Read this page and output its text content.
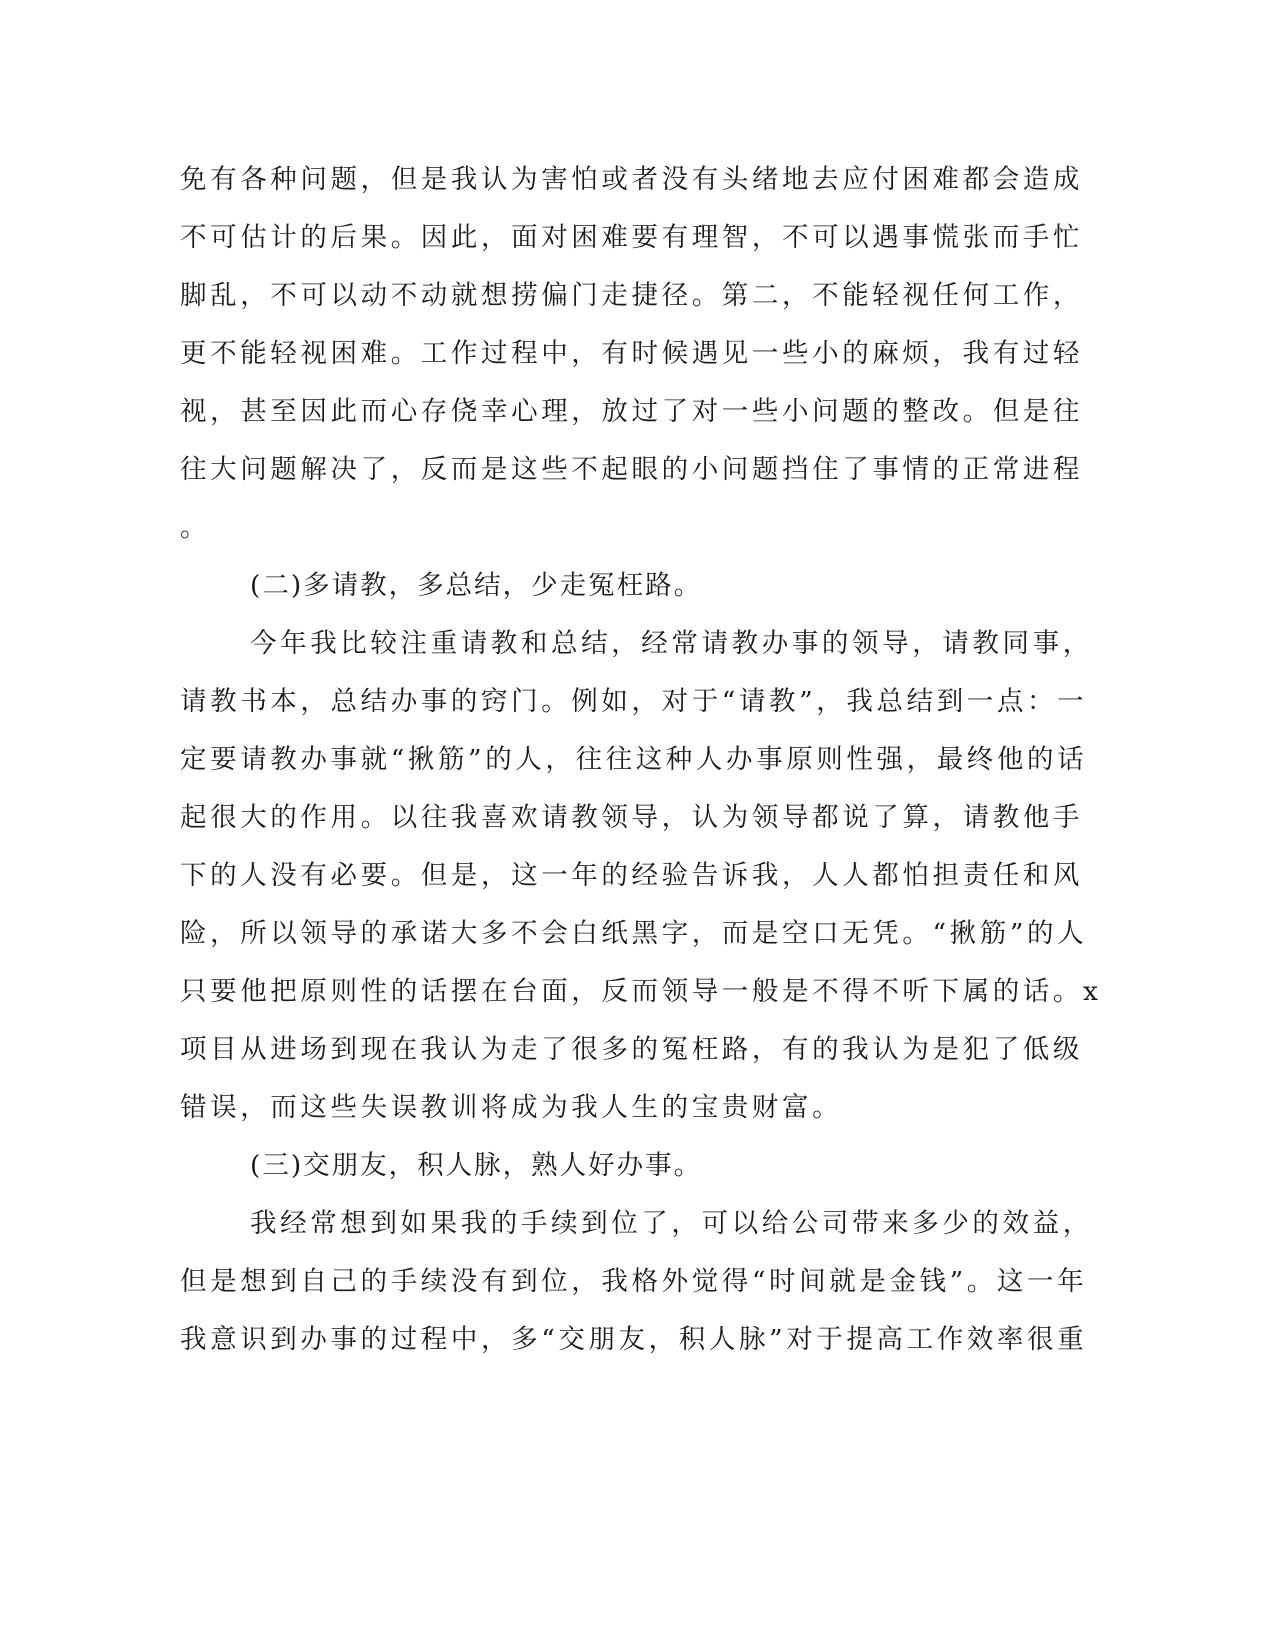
免有各种问题，但是我认为害怕或者没有头绪地去应付困难都会造成
不可估计的后果。因此，面对困难要有理智，不可以遇事慌张而手忙
脚乱，不可以动不动就想捞偏门走捷径。第二，不能轻视任何工作，
更不能轻视困难。工作过程中，有时候遇见一些小的麻烦，我有过轻
视，甚至因此而心存侥幸心理，放过了对一些小问题的整改。但是往
往大问题解决了，反而是这些不起眼的小问题挡住了事情的正常进程
。
(二)多请教，多总结，少走冤枉路。
今年我比较注重请教和总结，经常请教办事的领导，请教同事，
请教书本，总结办事的窍门。例如，对于“请教”，我总结到一点：一
定要请教办事就“揪筋”的人，往往这种人办事原则性强，最终他的话
起很大的作用。以往我喜欢请教领导，认为领导都说了算，请教他手
下的人没有必要。但是，这一年的经验告诉我，人人都怕担责任和风
险，所以领导的承诺大多不会白纸黑字，而是空口无凭。“揪筋”的人
只要他把原则性的话摆在台面，反而领导一般是不得不听下属的话。x
项目从进场到现在我认为走了很多的冤枉路，有的我认为是犯了低级
错误，而这些失误教训将成为我人生的宝贵财富。
(三)交朋友，积人脉，熟人好办事。
我经常想到如果我的手续到位了，可以给公司带来多少的效益，
但是想到自己的手续没有到位，我格外觉得“时间就是金钱”。这一年
我意识到办事的过程中，多“交朋友，积人脉”对于提高工作效率很重
